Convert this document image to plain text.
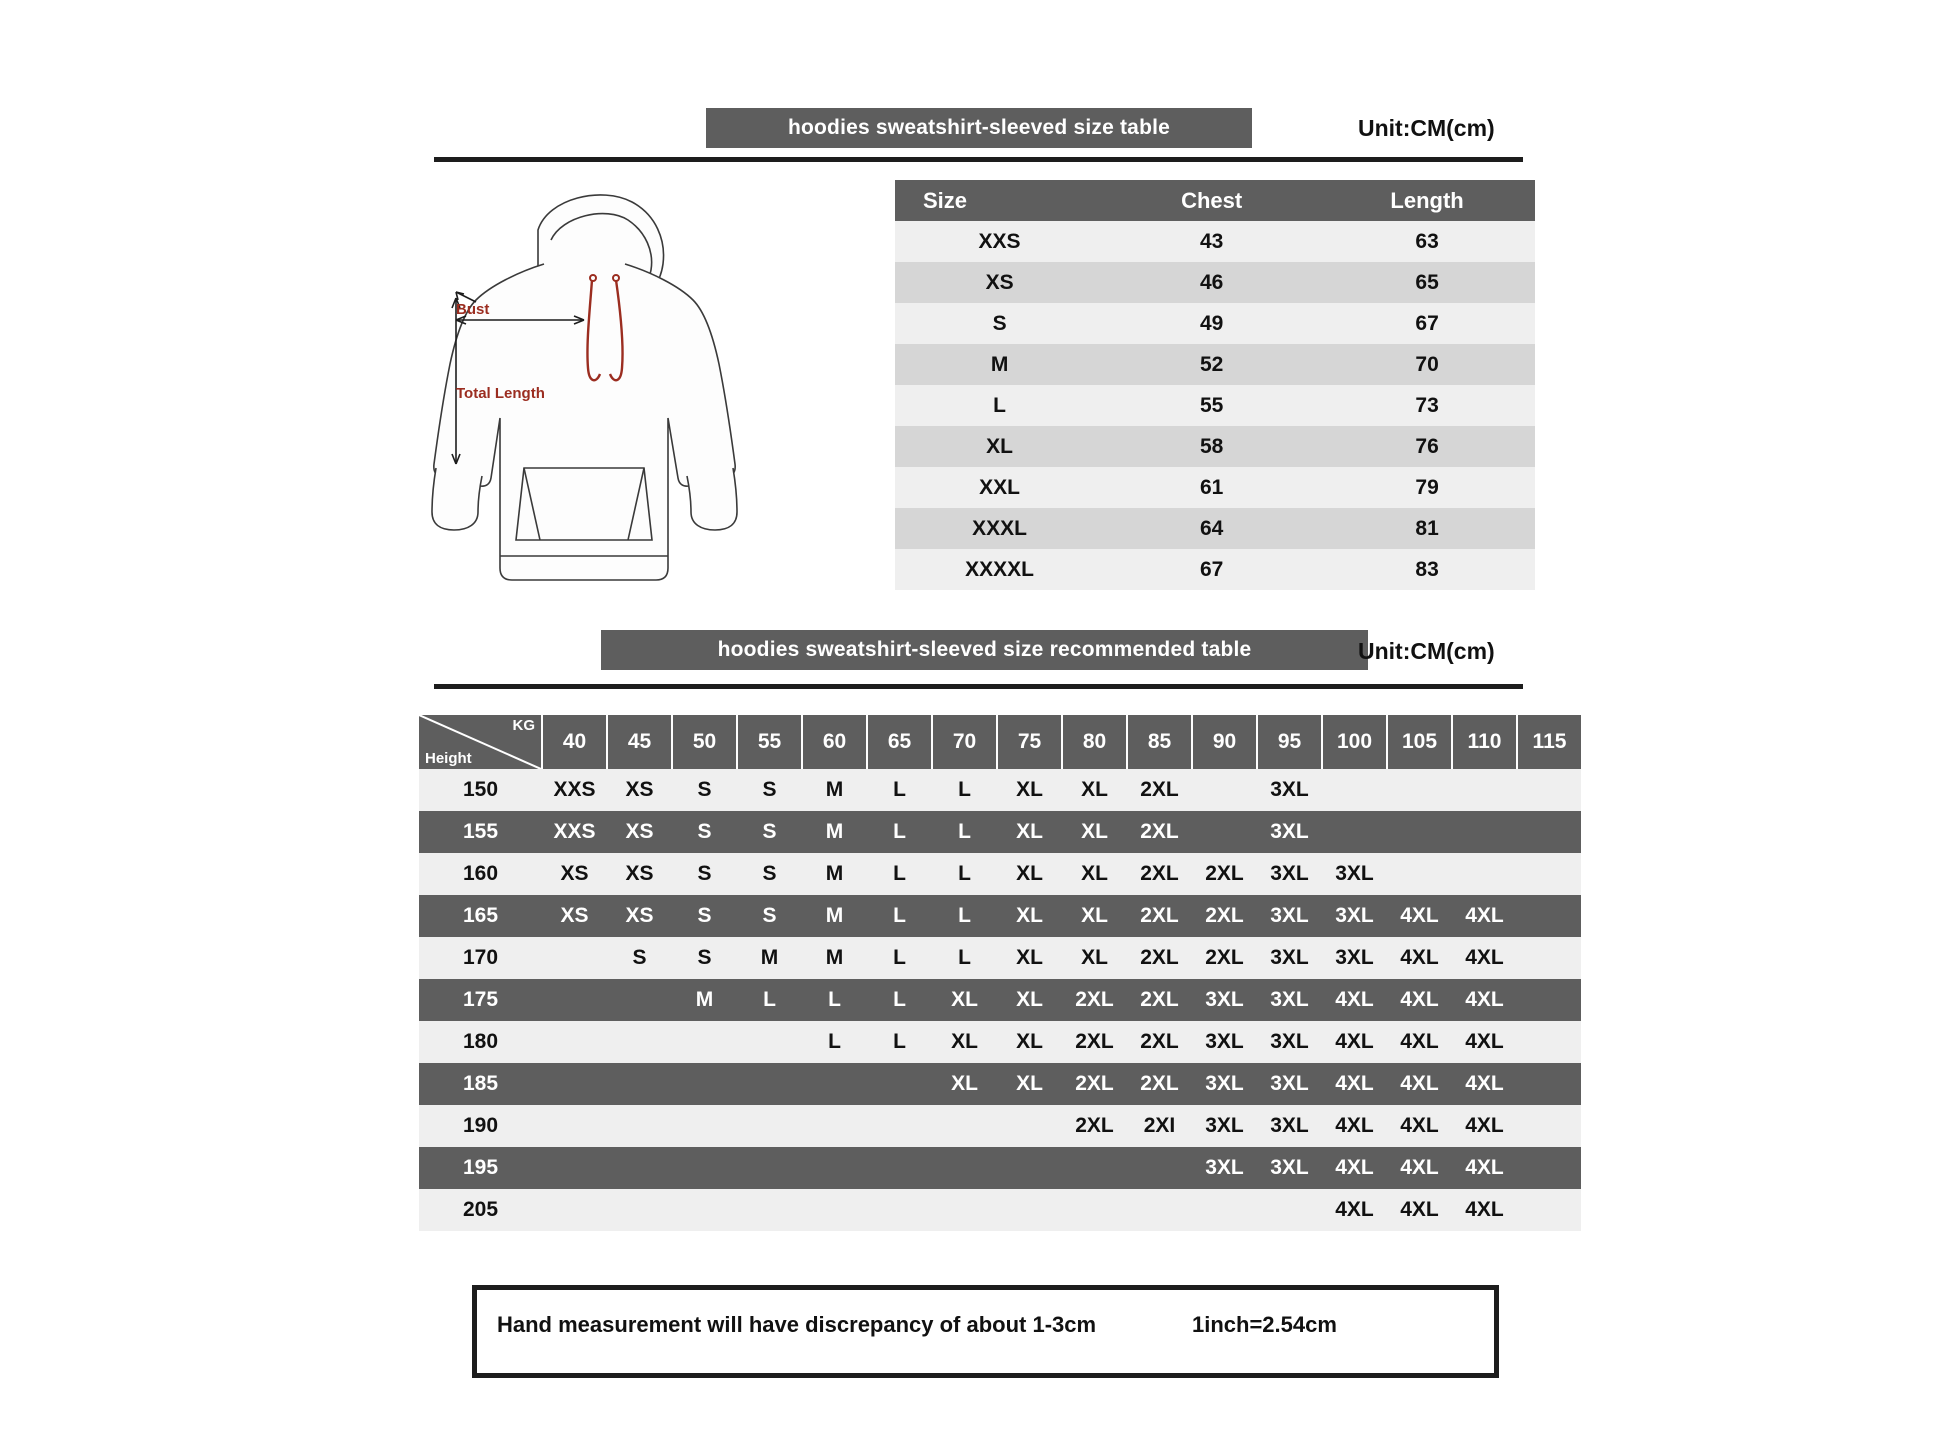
hoodies sweatshirt-sleeved size table	Unit:CM(cm)
Bust
Total Length
Size	Chest	Length
XXS	43	63
XS	46	65
S	49	67
M	52	70
L	55	73
XL	58	76
XXL	61	79
XXXL	64	81
XXXXL	67	83
hoodies sweatshirt-sleeved size recommended table	Unit:CM(cm)
KG
Height	40	45	50	55	60	65	70	75	80	85	90	95	100	105	110	115
150	XXS	XS	S	S	M	L	L	XL	XL	2XL		3XL				
155	XXS	XS	S	S	M	L	L	XL	XL	2XL		3XL				
160	XS	XS	S	S	M	L	L	XL	XL	2XL	2XL	3XL	3XL			
165	XS	XS	S	S	M	L	L	XL	XL	2XL	2XL	3XL	3XL	4XL	4XL	
170		S	S	M	M	L	L	XL	XL	2XL	2XL	3XL	3XL	4XL	4XL	
175			M	L	L	L	XL	XL	2XL	2XL	3XL	3XL	4XL	4XL	4XL	
180					L	L	XL	XL	2XL	2XL	3XL	3XL	4XL	4XL	4XL	
185							XL	XL	2XL	2XL	3XL	3XL	4XL	4XL	4XL	
190									2XL	2XI	3XL	3XL	4XL	4XL	4XL	
195											3XL	3XL	4XL	4XL	4XL	
205													4XL	4XL	4XL	
Hand measurement will have discrepancy of about 1-3cm	1inch=2.54cm
